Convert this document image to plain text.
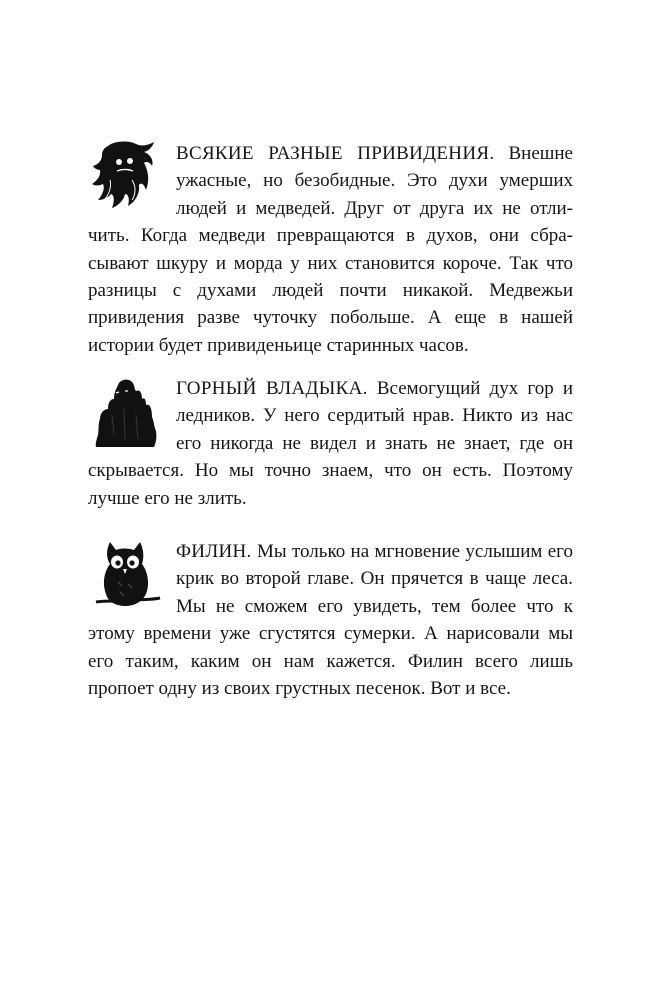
ВСЯКИЕ РАЗНЫЕ ПРИВИДЕНИЯ. Внешне ужасные, но безобидные. Это духи умерших людей и медведей. Друг от друга их не отличить. Когда медведи превращаются в духов, они сбрасывают шкуру и морда у них становится короче. Так что разницы с духами людей почти никакой. Медвежьи привидения разве чуточку побольше. А еще в нашей истории будет привиденьице старинных часов.

ГОРНЫЙ ВЛАДЫКА. Всемогущий дух гор и ледников. У него сердитый нрав. Никто из нас его никогда не видел и знать не знает, где он скрывается. Но мы точно знаем, что он есть. Поэтому лучше его не злить.

ФИЛИН. Мы только на мгновение услышим его крик во второй главе. Он прячется в чаще леса. Мы не сможем его увидеть, тем более что к этому времени уже сгустятся сумерки. А нарисовали мы его таким, каким он нам кажется. Филин всего лишь пропоет одну из своих грустных песенок. Вот и все.
